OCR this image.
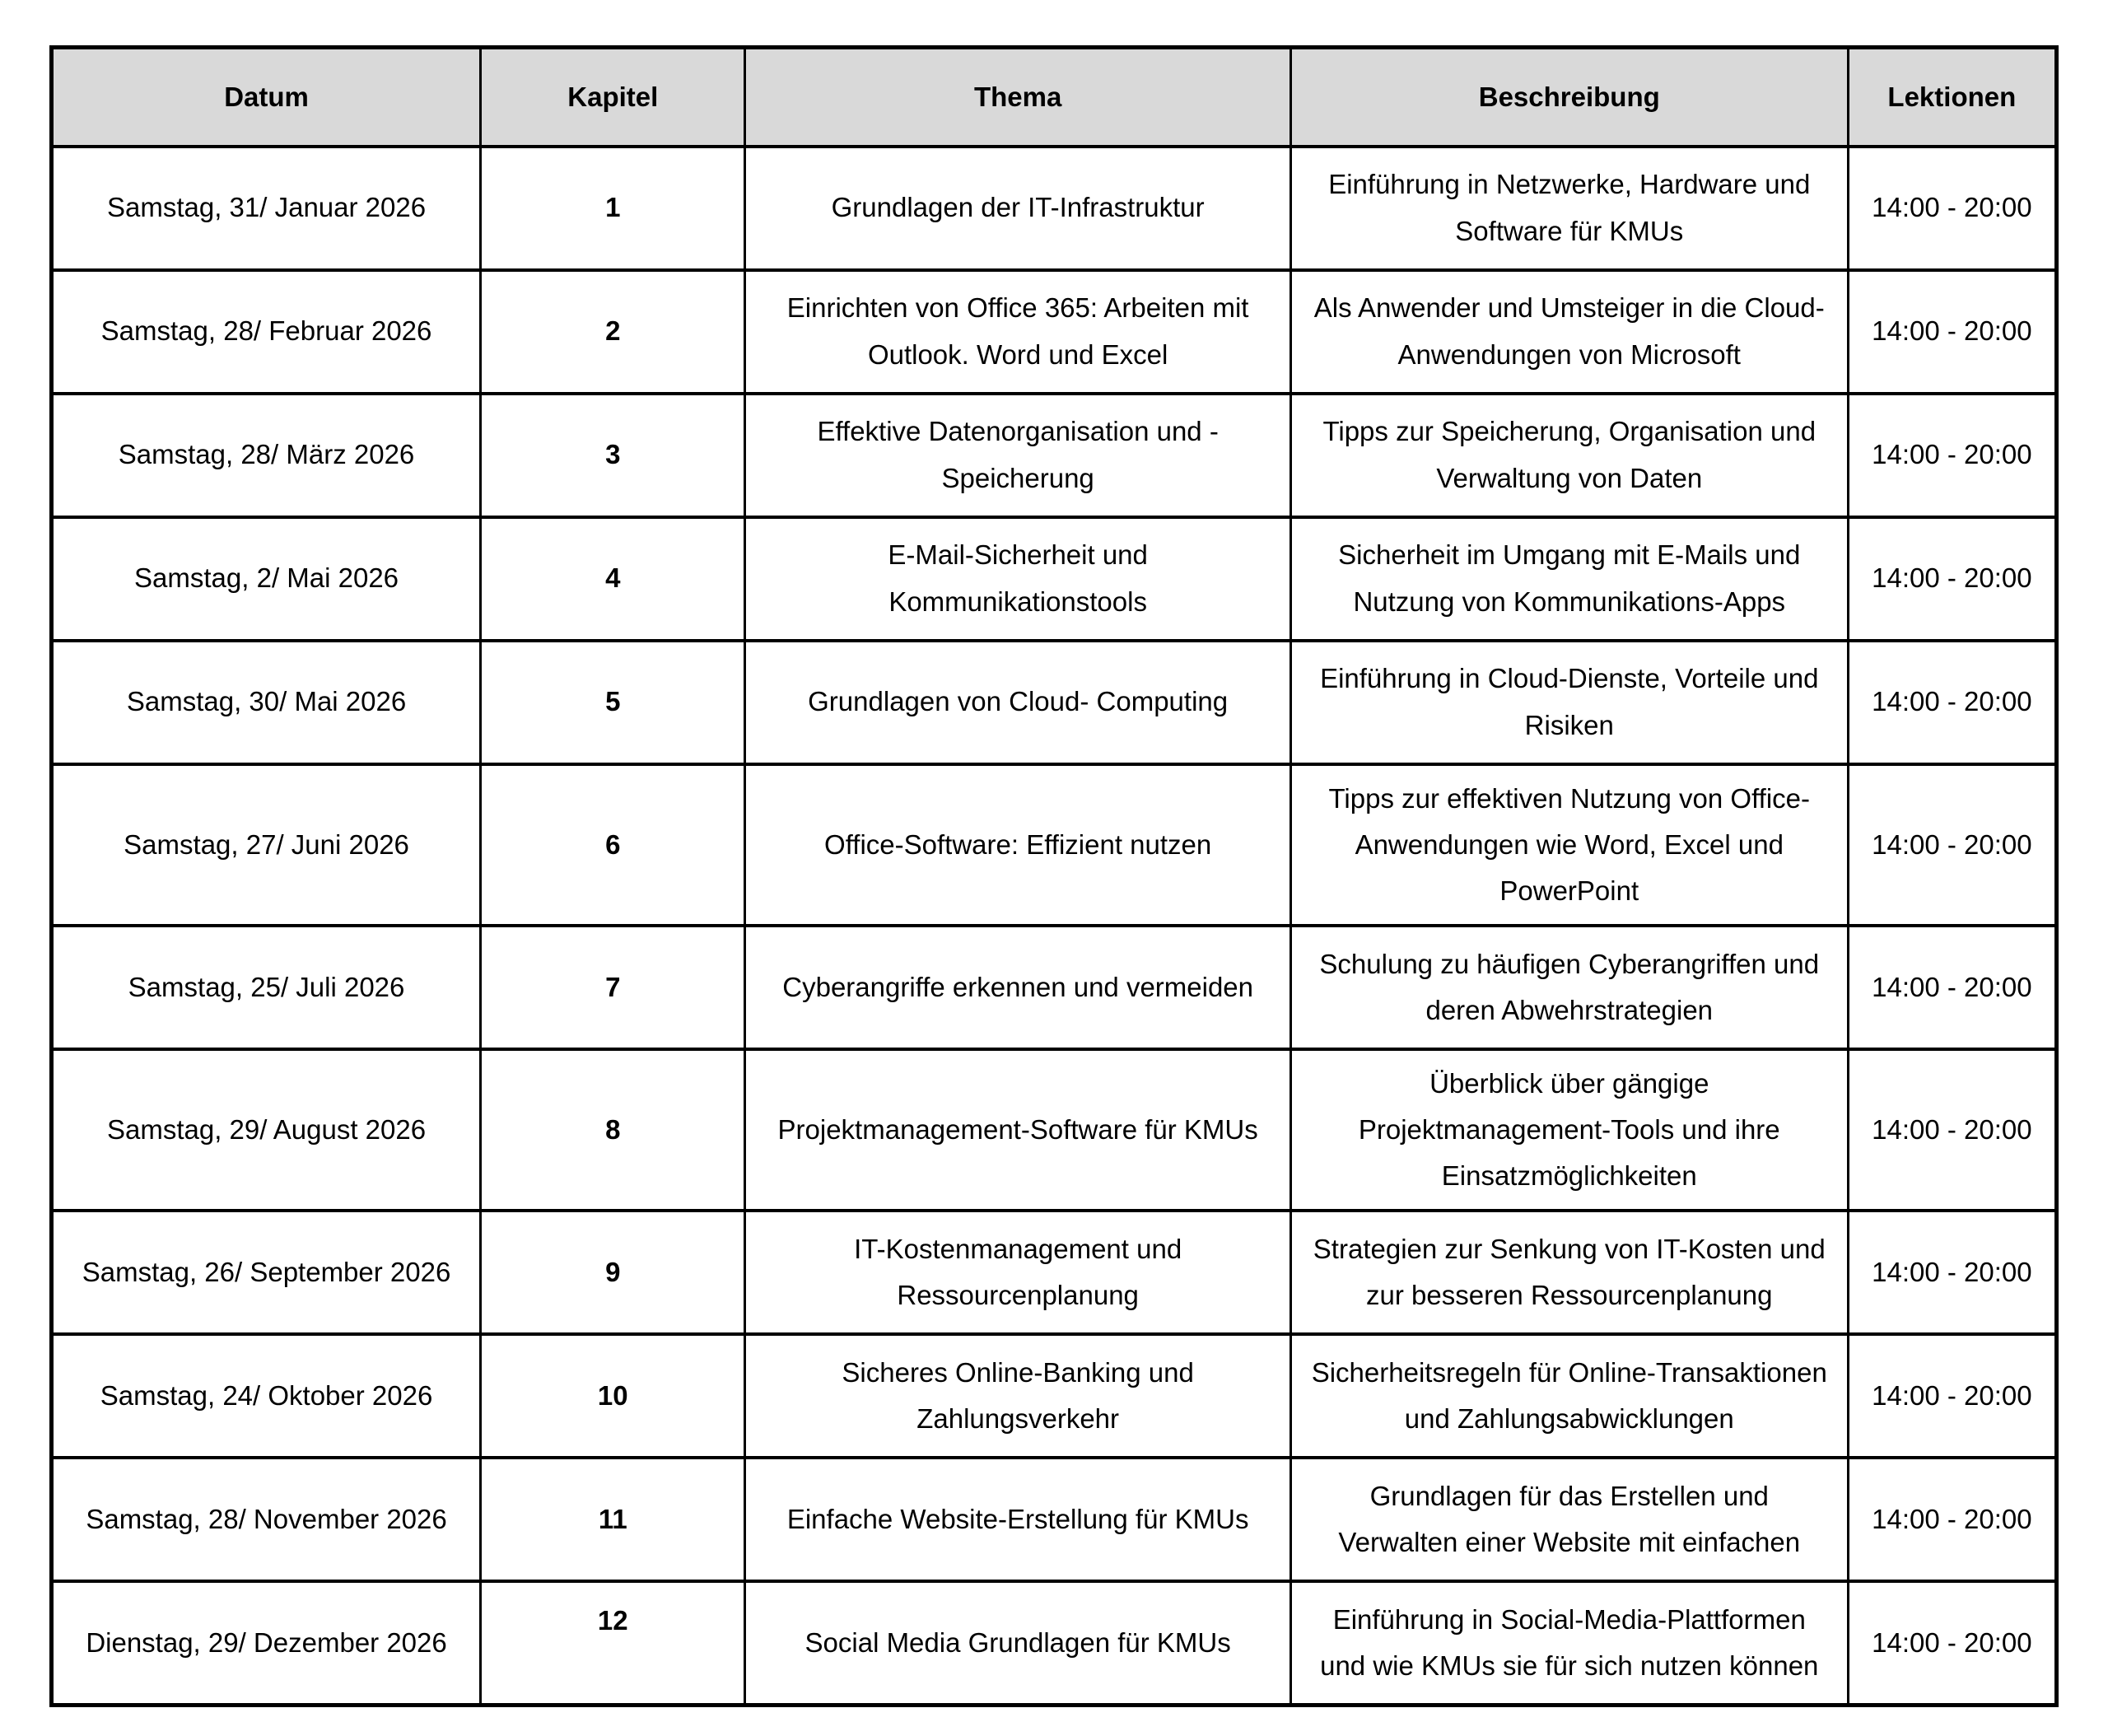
Datum	Kapitel	Thema	Beschreibung	Lektionen
Samstag, 31/ Januar 2026	1	Grundlagen der IT-Infrastruktur	Einführung in Netzwerke, Hardware und Software für KMUs	14:00 - 20:00
Samstag, 28/ Februar 2026	2	Einrichten von Office 365: Arbeiten mit Outlook. Word und Excel	Als Anwender und Umsteiger in die Cloud-Anwendungen von Microsoft	14:00 - 20:00
Samstag, 28/ März 2026	3	Effektive Datenorganisation und - Speicherung	Tipps zur Speicherung, Organisation und Verwaltung von Daten	14:00 - 20:00
Samstag, 2/ Mai 2026	4	E-Mail-Sicherheit und Kommunikationstools	Sicherheit im Umgang mit E-Mails und Nutzung von Kommunikations-Apps	14:00 - 20:00
Samstag, 30/ Mai 2026	5	Grundlagen von Cloud- Computing	Einführung in Cloud-Dienste, Vorteile und Risiken	14:00 - 20:00
Samstag, 27/ Juni 2026	6	Office-Software: Effizient nutzen	Tipps zur effektiven Nutzung von Office-Anwendungen wie Word, Excel und PowerPoint	14:00 - 20:00
Samstag, 25/ Juli 2026	7	Cyberangriffe erkennen und vermeiden	Schulung zu häufigen Cyberangriffen und deren Abwehrstrategien	14:00 - 20:00
Samstag, 29/ August 2026	8	Projektmanagement-Software für KMUs	Überblick über gängige Projektmanagement-Tools und ihre Einsatzmöglichkeiten	14:00 - 20:00
Samstag, 26/ September 2026	9	IT-Kostenmanagement und Ressourcenplanung	Strategien zur Senkung von IT-Kosten und zur besseren Ressourcenplanung	14:00 - 20:00
Samstag, 24/ Oktober 2026	10	Sicheres Online-Banking und Zahlungsverkehr	Sicherheitsregeln für Online-Transaktionen und Zahlungsabwicklungen	14:00 - 20:00
Samstag, 28/ November 2026	11	Einfache Website-Erstellung für KMUs	Grundlagen für das Erstellen und Verwalten einer Website mit einfachen	14:00 - 20:00
Dienstag, 29/ Dezember 2026	12	Social Media Grundlagen für KMUs	Einführung in Social-Media-Plattformen und wie KMUs sie für sich nutzen können	14:00 - 20:00
